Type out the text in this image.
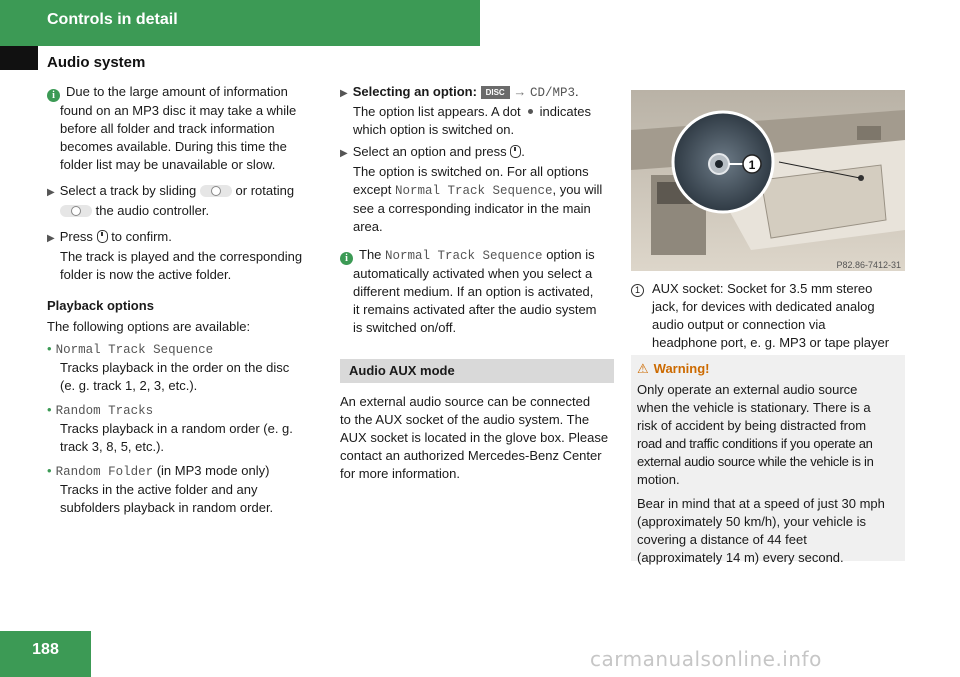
Controls in detail
Audio system

i Due to the large amount of information

found on an MP3 disc it may take a while

before all folder and track information

becomes available. During this time the

folder list may be unavailable or slow.

▶ Select a track by sliding	or rotating

the audio controller.

▶ Press to confirm.

The track is played and the corresponding

folder is now the active folder.

Playback options

The following options are available:

• Normal Track Sequence

Tracks playback in the order on the disc

(e. g. track 1, 2, 3, etc.).

• Random Tracks

Tracks playback in a random order (e. g.

track 3, 8, 5, etc.).

• Random Folder (in MP3 mode only)

Tracks in the active folder and any

subfolders playback in random order.

▶ Selecting an option: DISC → CD/MP3.

The option list appears. A dot indicates

which option is switched on.

▶ Select an option and press .

The option is switched on. For all options

except Normal Track Sequence, you will

see a corresponding indicator in the main

area.

i The Normal Track Sequence option is

automatically activated when you select a

different medium. If an option is activated,

it remains activated after the audio system

is switched on/off.

Audio AUX mode

An external audio source can be connected

to the AUX socket of the audio system. The

AUX socket is located in the glove box. Please

contact an authorized Mercedes-Benz Center

for more information.

1
P82.86-7412-31

1 AUX socket: Socket for 3.5 mm stereo

jack, for devices with dedicated analog

audio output or connection via

headphone port, e. g. MP3 or tape player

⚠ Warning!

Only operate an external audio source

when the vehicle is stationary. There is a

risk of accident by being distracted from

road and traffic conditions if you operate an

external audio source while the vehicle is in

motion.

Bear in mind that at a speed of just 30 mph

(approximately 50 km/h), your vehicle is

covering a distance of 44 feet

(approximately 14 m) every second.

188	carmanualsonline.info
